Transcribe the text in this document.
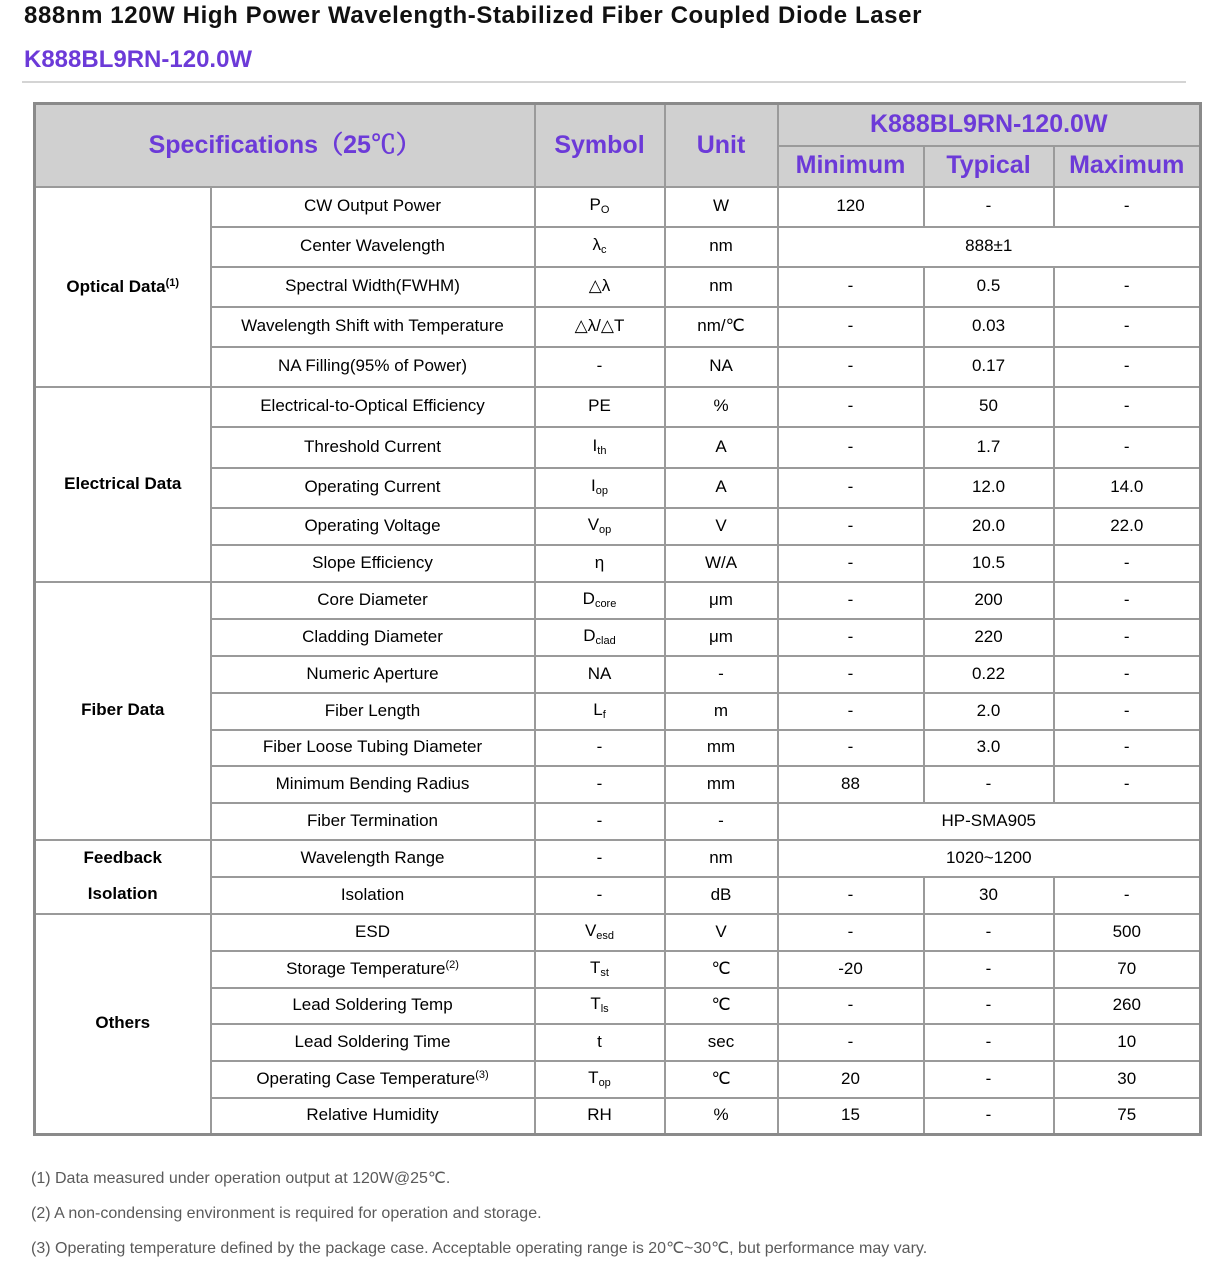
888nm 120W High Power Wavelength-Stabilized Fiber Coupled Diode Laser
K888BL9RN-120.0W
Specifications（25℃）		Symbol	Unit	K888BL9RN-120.0W		
				Minimum	Typical	Maximum
Optical Data$^{(1)}$	CW Output Power	$P_O$	W	120	-	-
	Center Wavelength	$\lambda_c$	nm	888±1		
	Spectral Width(FWHM)	△λ	nm	-	0.5	-
	Wavelength Shift with Temperature	△λ/△T	nm/℃	-	0.03	-
	NA Filling(95% of Power)	-	NA	-	0.17	-
Electrical Data	Electrical-to-Optical Efficiency	PE	%	-	50	-
	Threshold Current	$I_{th}$	A	-	1.7	-
	Operating Current	$I_{op}$	A	-	12.0	14.0
	Operating Voltage	$V_{op}$	V	-	20.0	22.0
	Slope Efficiency	η	W/A	-	10.5	-
Fiber Data	Core Diameter	$D_{core}$	μm	-	200	-
	Cladding Diameter	$D_{clad}$	μm	-	220	-
	Numeric Aperture	NA	-	-	0.22	-
	Fiber Length	$L_f$	m	-	2.0	-
	Fiber Loose Tubing Diameter	-	mm	-	3.0	-
	Minimum Bending Radius	-	mm	88	-	-
	Fiber Termination	-	-	HP-SMA905		

Feedback
Isolation	Wavelength Range	-	nm	1020~1200		
	Isolation	-	dB	-	30	-
Others	ESD	$V_{esd}$	V	-	-	500
	Storage Temperature$^{(2)}$	$T_{st}$	℃	-20	-	70
	Lead Soldering Temp	$T_{ls}$	℃	-	-	260
	Lead Soldering Time	t	sec	-	-	10
	Operating Case Temperature$^{(3)}$	$T_{op}$	℃	20	-	30
	Relative Humidity	RH	%	15	-	75

(1) Data measured under operation output at 120W@25℃.

(2) A non-condensing environment is required for operation and storage.

(3) Operating temperature defined by the package case. Acceptable operating range is 20℃~30℃, but performance may vary.
